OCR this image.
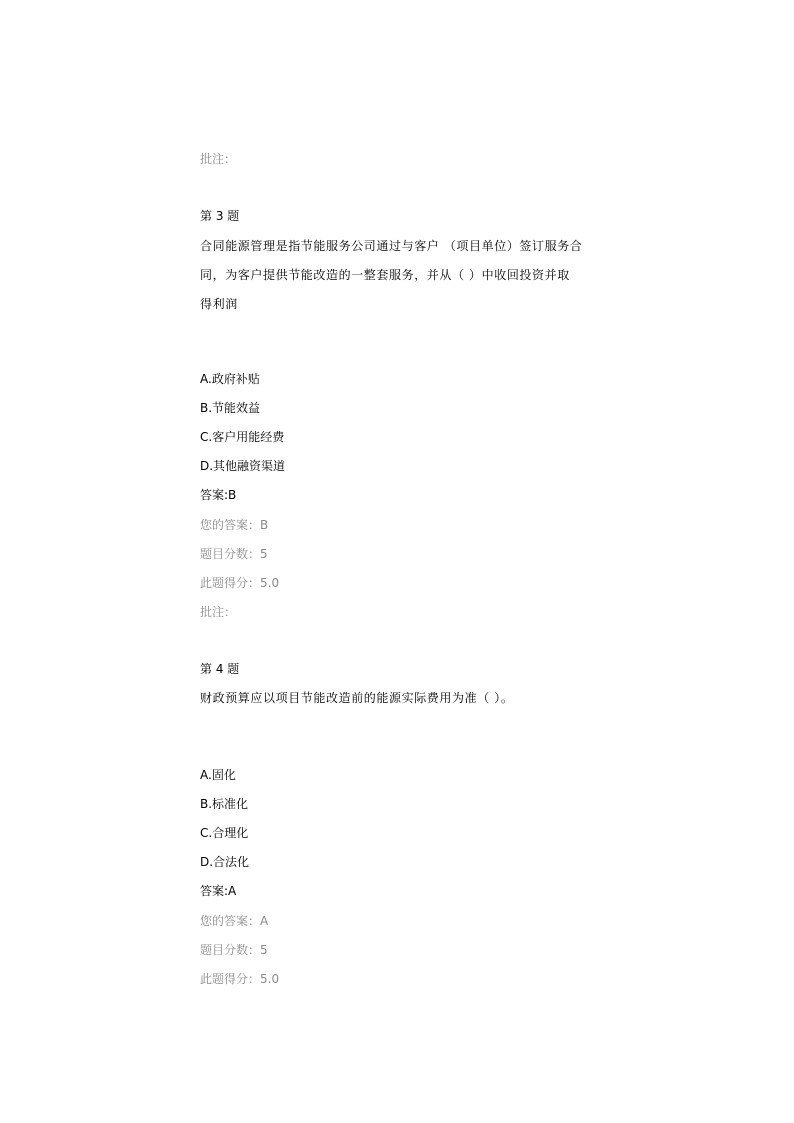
批注：
第 3 题
合同能源管理是指节能服务公司通过与客户 （项目单位）签订服务合
同，为客户提供节能改造的一整套服务，并从（ ）中收回投资并取
得利润
A.政府补贴
B.节能效益
C.客户用能经费
D.其他融资渠道
答案:B
您的答案：B
题目分数：5
此题得分：5.0
批注：
第 4 题
财政预算应以项目节能改造前的能源实际费用为准（ ）。
A.固化
B.标准化
C.合理化
D.合法化
答案:A
您的答案：A
题目分数：5
此题得分：5.0
